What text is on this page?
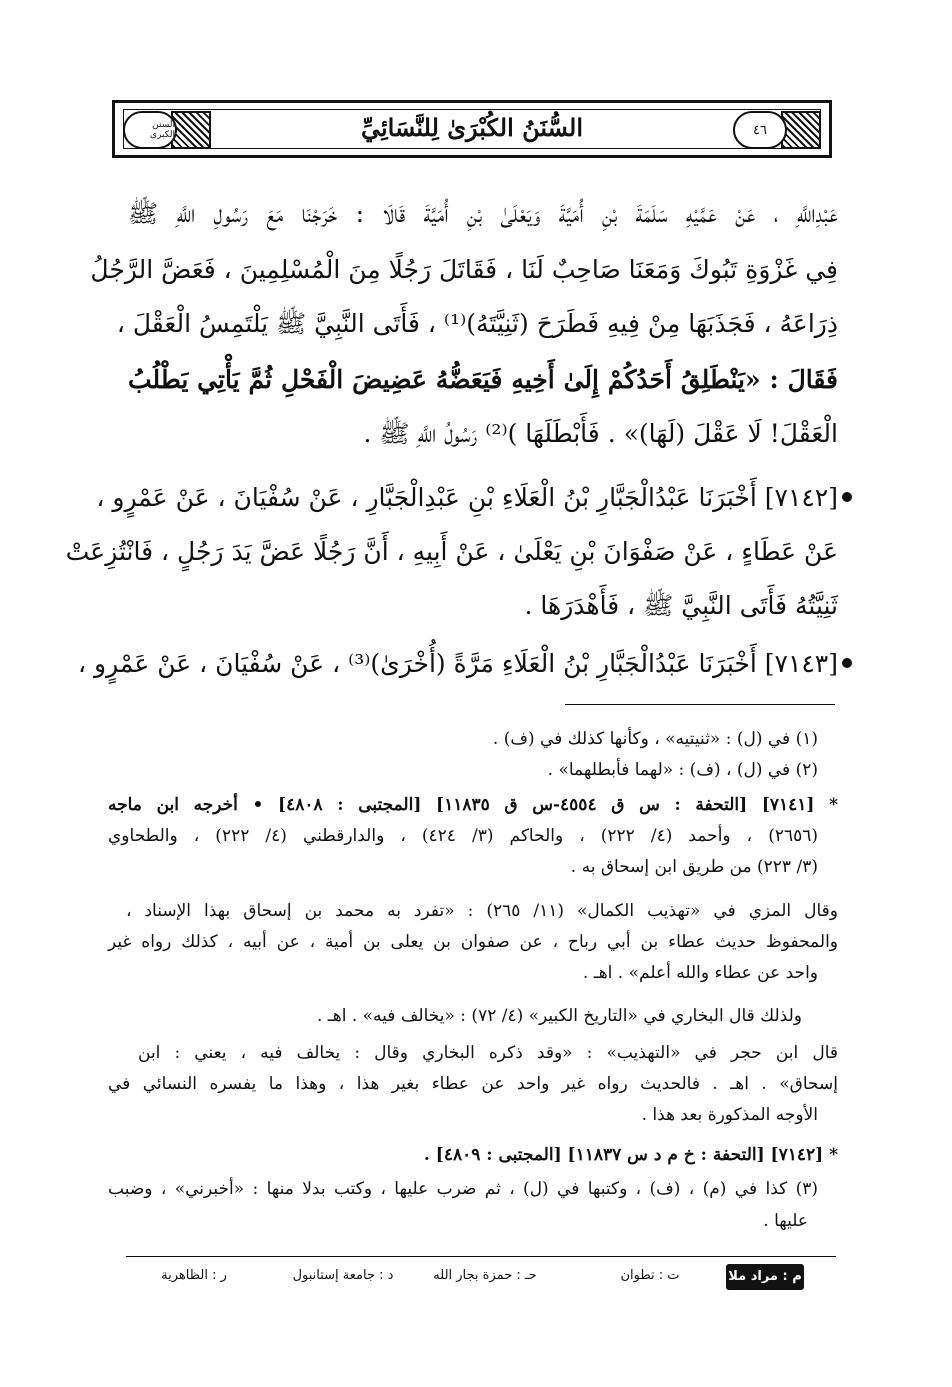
٤٦
السُّنَنُ الكُبْرَىٰ لِلنَّسَائِيِّ
السنن الكبرى
عَبْدِاللَّهِ ، عَنْ عَمَّيْهِ سَلَمَةَ بْنِ أُمَيَّةَ وَيَعْلَىٰ بْنِ أُمَيَّةَ قَالَا : خَرَجْنَا مَعَ رَسُولِ اللَّهِ ﷺ
فِي غَزْوَةِ تَبُوكَ وَمَعَنَا صَاحِبٌ لَنَا ، فَقَاتَلَ رَجُلًا مِنَ الْمُسْلِمِينَ ، فَعَضَّ الرَّجُلُ
ذِرَاعَهُ ، فَجَذَبَهَا مِنْ فِيهِ فَطَرَحَ (ثَنِيَّتَهُ)⁽¹⁾ ، فَأَتَى النَّبِيَّ ﷺ يَلْتَمِسُ الْعَقْلَ ،
فَقَالَ : «يَنْطَلِقُ أَحَدُكُمْ إِلَىٰ أَخِيهِ فَيَعَضُّهُ عَضِيضَ الْفَحْلِ ثُمَّ يَأْتِي يَطْلُبُ
الْعَقْلَ! لَا عَقْلَ (لَهَا)» . فَأَبْطَلَهَا )⁽²⁾ رَسُولُ اللَّهِ ﷺ .
[٧١٤٢] أَخْبَرَنَا عَبْدُالْجَبَّارِ بْنُ الْعَلَاءِ بْنِ عَبْدِالْجَبَّارِ ، عَنْ سُفْيَانَ ، عَنْ عَمْرٍو ،
عَنْ عَطَاءٍ ، عَنْ صَفْوَانَ بْنِ يَعْلَىٰ ، عَنْ أَبِيهِ ، أَنَّ رَجُلًا عَضَّ يَدَ رَجُلٍ ، فَانْتُزِعَتْ
ثَنِيَّتُهُ فَأَتَى النَّبِيَّ ﷺ ، فَأَهْدَرَهَا .
[٧١٤٣] أَخْبَرَنَا عَبْدُالْجَبَّارِ بْنُ الْعَلَاءِ مَرَّةً (أُخْرَىٰ)⁽³⁾ ، عَنْ سُفْيَانَ ، عَنْ عَمْرٍو ،
(١) في (ل) : «ثنيتيه» ، وكأنها كذلك في (ف) .
(٢) في (ل) ، (ف) : «لهما فأبطلهما» .
* [٧١٤١] [التحفة : س ق ٤٥٥٤-س ق ١١٨٣٥] [المجتبى : ٤٨٠٨] • أخرجه ابن ماجه
(٢٦٥٦) ، وأحمد (٤/ ٢٢٢) ، والحاكم (٣/ ٤٢٤) ، والدارقطني (٤/ ٢٢٢) ، والطحاوي
(٣/ ٢٢٣) من طريق ابن إسحاق به .
وقال المزي في «تهذيب الكمال» (١١/ ٢٦٥) : «تفرد به محمد بن إسحاق بهذا الإسناد ،
والمحفوظ حديث عطاء بن أبي رباح ، عن صفوان بن يعلى بن أمية ، عن أبيه ، كذلك رواه غير
واحد عن عطاء والله أعلم» . اهـ .
ولذلك قال البخاري في «التاريخ الكبير» (٤/ ٧٢) : «يخالف فيه» . اهـ .
قال ابن حجر في «التهذيب» : «وقد ذكره البخاري وقال : يخالف فيه ، يعني : ابن
إسحاق» . اهـ . فالحديث رواه غير واحد عن عطاء بغير هذا ، وهذا ما يفسره النسائي في
الأوجه المذكورة بعد هذا .
* [٧١٤٢] [التحفة : خ م د س ١١٨٣٧] [المجتبى : ٤٨٠٩] .
(٣) كذا في (م) ، (ف) ، وكتبها في (ل) ، ثم ضرب عليها ، وكتب بدلا منها : «أخبرني» ، وضبب
عليها .
ر : الظاهرية	د : جامعة إستانبول	حـ : حمزة بجار الله	ت : تطوان	م : مراد ملا
